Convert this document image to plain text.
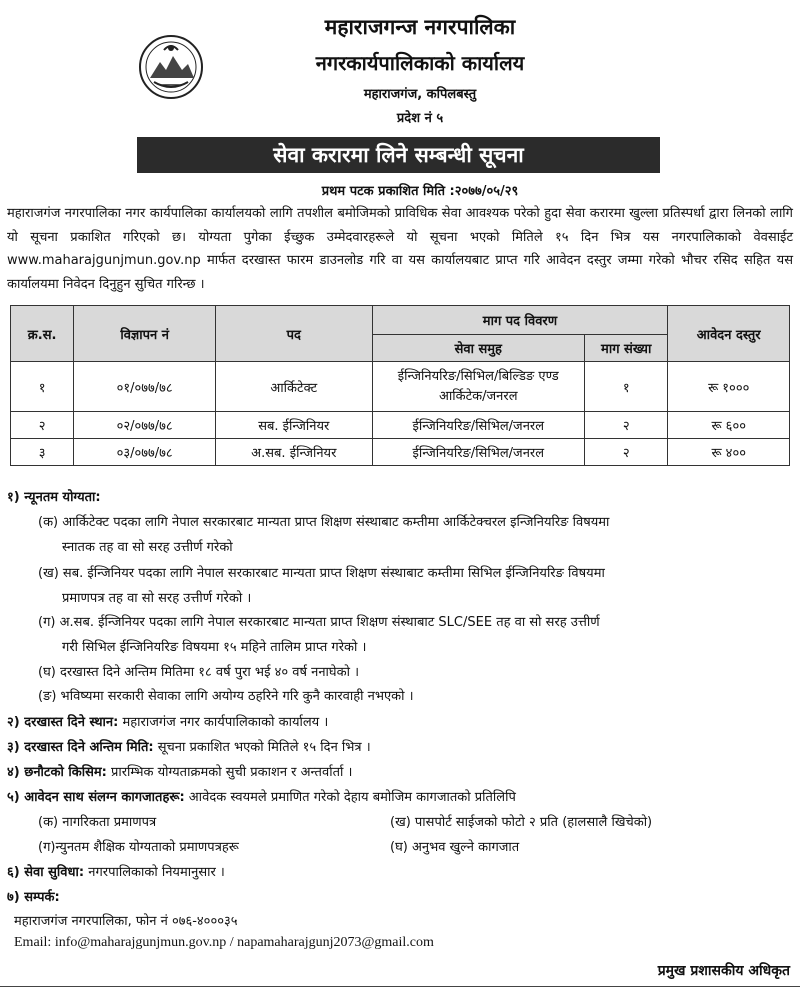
महाराजगन्ज नगरपालिका
नगरकार्यपालिकाको कार्यालय
महाराजगंज, कपिलबस्तु
प्रदेश नं ५
सेवा करारमा लिने सम्बन्धी सूचना
प्रथम पटक प्रकाशित मिति :२०७७/०५/२९
महाराजगंज नगरपालिका नगर कार्यपालिका कार्यालयको लागि तपशील बमोजिमको प्राविधिक सेवा आवश्यक परेको हुदा सेवा करारमा खुल्ला प्रतिस्पर्धा द्वारा लिनको लागि यो सूचना प्रकाशित गरिएको छ। योग्यता पुगेका ईच्छुक उम्मेदवारहरूले यो सूचना भएको मितिले १५ दिन भित्र यस नगरपालिकाको वेवसाईट www.maharajgunjmun.gov.np मार्फत दरखास्त फारम डाउनलोड गरि वा यस कार्यालयबाट प्राप्त गरि आवेदन दस्तुर जम्मा गरेको भौचर रसिद सहित यस कार्यालयमा निवेदन दिनुहुन सुचित गरिन्छ ।
क्र.स.	विज्ञापन नं	पद	माग पद विवरण		आवेदन दस्तुर
			सेवा समुह	माग संख्या	
१	०१/०७७/७८	आर्किटेक्ट	ईन्जिनियरिङ/सिभिल/बिल्डिङ एण्ड
आर्किटेक/जनरल	१	रू १०००
२	०२/०७७/७८	सब. ईन्जिनियर	ईन्जिनियरिङ/सिभिल/जनरल	२	रू ६००
३	०३/०७७/७८	अ.सब. ईन्जिनियर	ईन्जिनियरिङ/सिभिल/जनरल	२	रू ४००
१) न्यूनतम योग्यता:
(क) आर्किटेक्ट पदका लागि नेपाल सरकारबाट मान्यता प्राप्त शिक्षण संस्थाबाट कम्तीमा आर्किटेक्चरल इन्जिनियरिङ विषयमा
स्नातक तह वा सो सरह उत्तीर्ण गरेको
(ख) सब. ईन्जिनियर पदका लागि नेपाल सरकारबाट मान्यता प्राप्त शिक्षण संस्थाबाट कम्तीमा सिभिल ईन्जिनियरिङ विषयमा
प्रमाणपत्र तह वा सो सरह उत्तीर्ण गरेको ।
(ग) अ.सब. ईन्जिनियर पदका लागि नेपाल सरकारबाट मान्यता प्राप्त शिक्षण संस्थाबाट SLC/SEE तह वा सो सरह उत्तीर्ण
गरी सिभिल ईन्जिनियरिङ विषयमा १५ महिने तालिम प्राप्त गरेको ।
(घ) दरखास्त दिने अन्तिम मितिमा १८ वर्ष पुरा भई ४० वर्ष ननाघेको ।
(ङ) भविष्यमा सरकारी सेवाका लागि अयोग्य ठहरिने गरि कुनै कारवाही नभएको ।
२) दरखास्त दिने स्थान: महाराजगंज नगर कार्यपालिकाको कार्यालय ।
३) दरखास्त दिने अन्तिम मिति: सूचना प्रकाशित भएको मितिले १५ दिन भित्र ।
४) छनौटको किसिम: प्रारम्भिक योग्यताक्रमको सुची प्रकाशन र अन्तर्वार्ता ।
५) आवेदन साथ संलग्न कागजातहरू: आवेदक स्वयमले प्रमाणित गरेको देहाय बमोजिम कागजातको प्रतिलिपि
(क) नागरिकता प्रमाणपत्र	(ख) पासपोर्ट साईजको फोटो २ प्रति (हालसालै खिचेको)
(ग)न्युनतम शैक्षिक योग्यताको प्रमाणपत्रहरू	(घ) अनुभव खुल्ने कागजात
६) सेवा सुविधा: नगरपालिकाको नियमानुसार ।
७) सम्पर्क:
महाराजगंज नगरपालिका, फोन नं ०७६-४०००३५
Email: info@maharajgunjmun.gov.np / napamaharajgunj2073@gmail.com
प्रमुख प्रशासकीय अधिकृत
